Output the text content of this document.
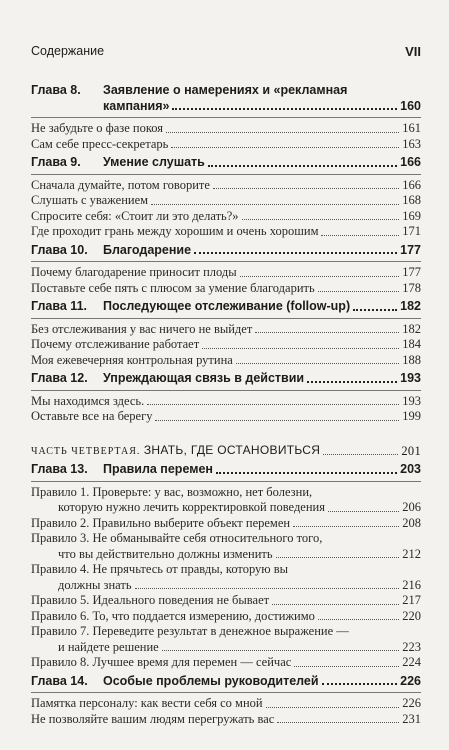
Содержание	VII
Глава 8. Заявление о намерениях и «рекламная
кампания»	160
Не забудьте о фазе покоя	161
Сам себе пресс-секретарь	163
Глава 9. Умение слушать	166
Сначала думайте, потом говорите	166
Слушать с уважением	168
Спросите себя: «Стоит ли это делать?»	169
Где проходит грань между хорошим и очень хорошим	171
Глава 10. Благодарение	177
Почему благодарение приносит плоды	177
Поставьте себе пять с плюсом за умение благодарить	178
Глава 11. Последующее отслеживание (follow-up)	182
Без отслеживания у вас ничего не выйдет	182
Почему отслеживание работает	184
Моя ежевечерняя контрольная рутина	188
Глава 12. Упреждающая связь в действии	193
Мы находимся здесь.	193
Оставьте все на берегу	199
ЧАСТЬ ЧЕТВЕРТАЯ. ЗНАТЬ, ГДЕ ОСТАНОВИТЬСЯ	201
Глава 13. Правила перемен	203
Правило 1. Проверьте: у вас, возможно, нет болезни,
которую нужно лечить корректировкой поведения	206
Правило 2. Правильно выберите объект перемен	208
Правило 3. Не обманывайте себя относительного того,
что вы действительно должны изменить	212
Правило 4. Не прячьтесь от правды, которую вы
должны знать	216
Правило 5. Идеального поведения не бывает	217
Правило 6. То, что поддается измерению, достижимо	220
Правило 7. Переведите результат в денежное выражение —
и найдете решение	223
Правило 8. Лучшее время для перемен — сейчас	224
Глава 14. Особые проблемы руководителей	226
Памятка персоналу: как вести себя со мной	226
Не позволяйте вашим людям перегружать вас	231
